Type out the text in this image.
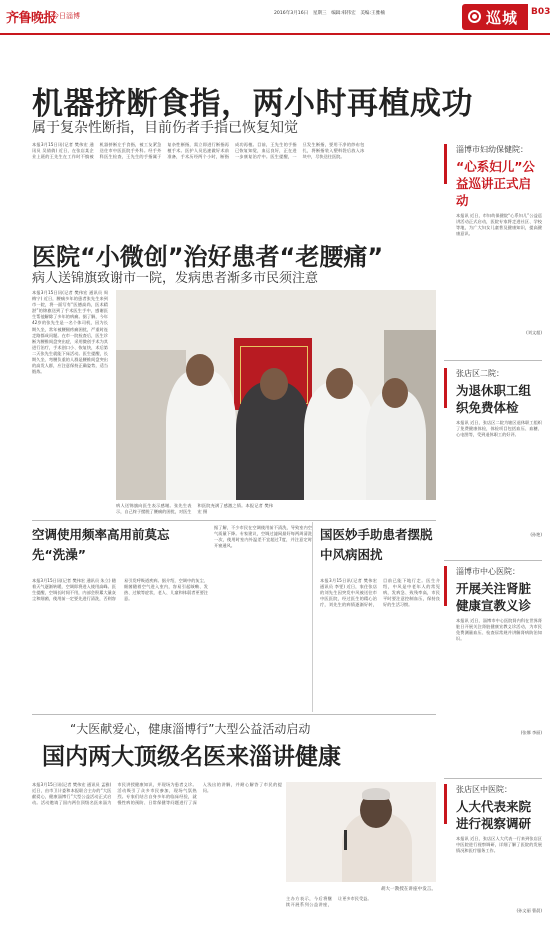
齐鲁晚报
今日淄博	2016年3月16日　星期三　编辑:韩伟宏　美编:王雅楠	巡城 B03
机器挤断食指，两小时再植成功
属于复杂性断指，目前伤者手指已恢复知觉
本报3月15日讯(记者 樊伟宏 通讯员 吴倩倩) 近日，在张店某企业上班的王先生在工作时不慎被机器挤断左手食指，被工友紧急送往市中医医院手外科。经手外科医生检查，王先生的手指属于复杂性断指，需立即进行断指再植手术。医护人员迅速做好术前准备，手术历经两个小时，断指成功再植。目前，王先生的手指已恢复知觉，血运良好，正在进一步康复治疗中。医生提醒，一旦发生断指，要用干净的纱布包扎，将断指装入塑料袋后放入冰块中，尽快送往医院。
医院“小微创”治好患者“老腰痛”
病人送锦旗致谢市一院，发病患者渐多市民须注意
本报3月15日讯(记者 樊伟宏 通讯员 周梅宁) 近日，腰痛多年的患者张先生来到市一院，将一面写有“医德高尚，医术精湛”的锦旗送到了手术医生手中，感谢医生帮他解除了多年的病痛。据了解，今年42岁的张先生是一名个体司机，因为长期久坐，常年被腰腿疼痛困扰，严重时连走路都成问题。在市一院检查后，医生诊断为腰椎间盘突出症，采用微创手术为其进行治疗，手术创口小、恢复快，术后第二天张先生就能下床活动。医生提醒，长期久坐、弯腰负重的人群是腰椎间盘突出的高发人群，应注意保持正确姿势，适当锻炼。
病人送锦旗向医生表示感谢。张先生表示，自己终于摆脱了腰痛的困扰，对医生和医院充满了感激之情。本报记者 樊伟宏 摄
空调使用频率高用前莫忘先“洗澡”
本报3月15日讯(记者 樊伟宏 通讯员 朱立) 随着天气逐渐转暖，空调即将进入使用高峰。医生提醒，空调长时间不用，内部会积累大量灰尘和细菌，使用前一定要先进行清洗，否则容易引发呼吸道疾病。据介绍，空调中的灰尘、细菌随着空气进入室内，容易引起咳嗽、发热、过敏等症状，老人、儿童和体弱者更要注意。
据了解，不少市民在空调使用前不清洗，导致室内空气质量下降。专家建议，空调过滤网最好每两周清洗一次，使用时室内外温差不宜超过7度，并注意定时开窗通风。
国医妙手助患者摆脱中风病困扰
本报3月15日讯(记者 樊伟宏 通讯员 李雯) 近日，家住张店的刘先生因突发中风被送往市中医医院，经过医生的精心治疗，刘先生的病情逐渐好转，目前已能下地行走。医生介绍，中风是中老年人的常见病，发病急、致残率高，市民平时要注意控制血压，保持良好的生活习惯。
“大医献爱心，健康淄博行”大型公益活动启动
国内两大顶级名医来淄讲健康
本报3月15日讯(记者 樊伟宏 通讯员 孟雅) 近日，由市卫计委和本报联合主办的“大医献爱心，健康淄博行”大型公益活动正式启动。活动邀请了国内两位顶级名医来淄为市民讲授健康知识，并现场为患者义诊。活动吸引了众多市民参加，现场气氛热烈。专家们结合自身多年的临床经验，就慢性病的预防、日常保健等问题进行了深入浅出的讲解，并耐心解答了市民的提问。
胡大一教授在讲座中发言。
主办方表示，今后将继续开展系列公益讲座，让更多市民受益。
淄博市妇幼保健院：
“心系妇儿”公益巡讲正式启动
本报讯 近日，市妇幼保健院“心系妇儿”公益巡讲活动正式启动，医院专家将走进社区、学校等地，为广大妇女儿童普及健康知识，提高健康意识。
(刘文超)
张店区二院：
为退休职工组织免费体检
本报讯 近日，张店区二院为辖区退休职工组织了免费健康体检，体检项目包括血压、血糖、心电图等，受到退休职工的好评。
(孙艳)
淄博市中心医院：
开展关注肾脏健康宣教义诊
本报讯 近日，淄博市中心医院肾内科在世界肾脏日开展关注肾脏健康宣教义诊活动，为市民免费测量血压、检查尿常规并讲解肾病防治知识。
(张娜 李丽)
张店区中医院：
人大代表来院进行视察调研
本报讯 近日，张店区人大代表一行来到张店区中医院进行视察调研，详细了解了医院的发展情况和医疗服务工作。
(孙文丽 曹晨)
